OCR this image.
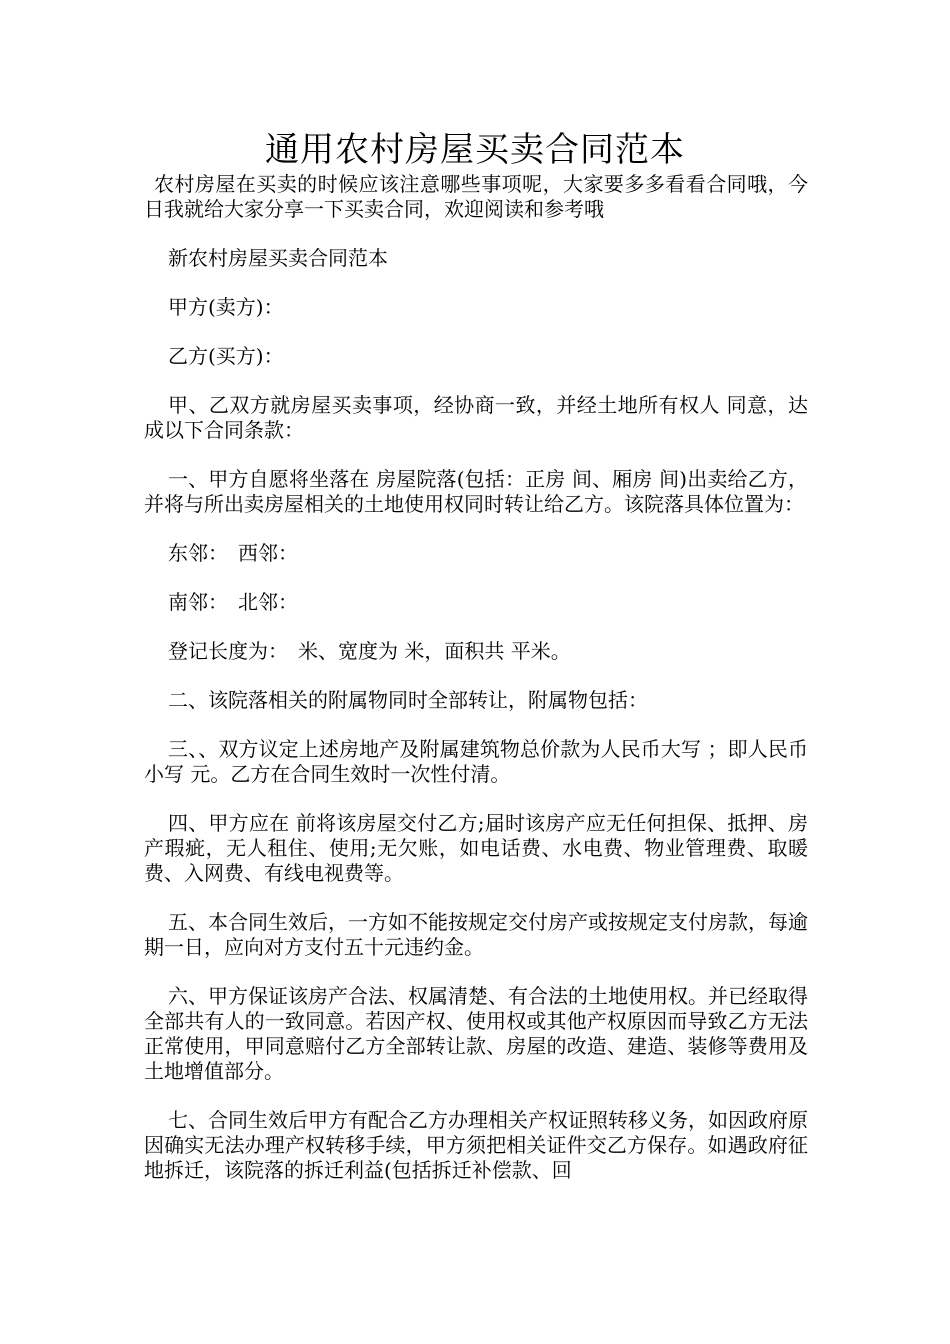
通用农村房屋买卖合同范本

农村房屋在买卖的时候应该注意哪些事项呢，大家要多多看看合同哦，今日我就给大家分享一下买卖合同，欢迎阅读和参考哦

新农村房屋买卖合同范本

甲方(卖方)：

乙方(买方)：

甲、乙双方就房屋买卖事项，经协商一致，并经土地所有权人 同意，达成以下合同条款：

一、甲方自愿将坐落在 房屋院落(包括：正房 间、厢房 间)出卖给乙方，并将与所出卖房屋相关的土地使用权同时转让给乙方。该院落具体位置为：

东邻：　西邻：

南邻：　北邻：

登记长度为：　米、宽度为 米，面积共 平米。

二、该院落相关的附属物同时全部转让，附属物包括：

三、、双方议定上述房地产及附属建筑物总价款为人民币大写 ；即人民币小写 元。乙方在合同生效时一次性付清。

四、甲方应在 前将该房屋交付乙方;届时该房产应无任何担保、抵押、房产瑕疵，无人租住、使用;无欠账，如电话费、水电费、物业管理费、取暖费、入网费、有线电视费等。

五、本合同生效后，一方如不能按规定交付房产或按规定支付房款，每逾期一日，应向对方支付五十元违约金。

六、甲方保证该房产合法、权属清楚、有合法的土地使用权。并已经取得全部共有人的一致同意。若因产权、使用权或其他产权原因而导致乙方无法正常使用，甲同意赔付乙方全部转让款、房屋的改造、建造、装修等费用及土地增值部分。

七、合同生效后甲方有配合乙方办理相关产权证照转移义务，如因政府原因确实无法办理产权转移手续，甲方须把相关证件交乙方保存。如遇政府征地拆迁，该院落的拆迁利益(包括拆迁补偿款、回
